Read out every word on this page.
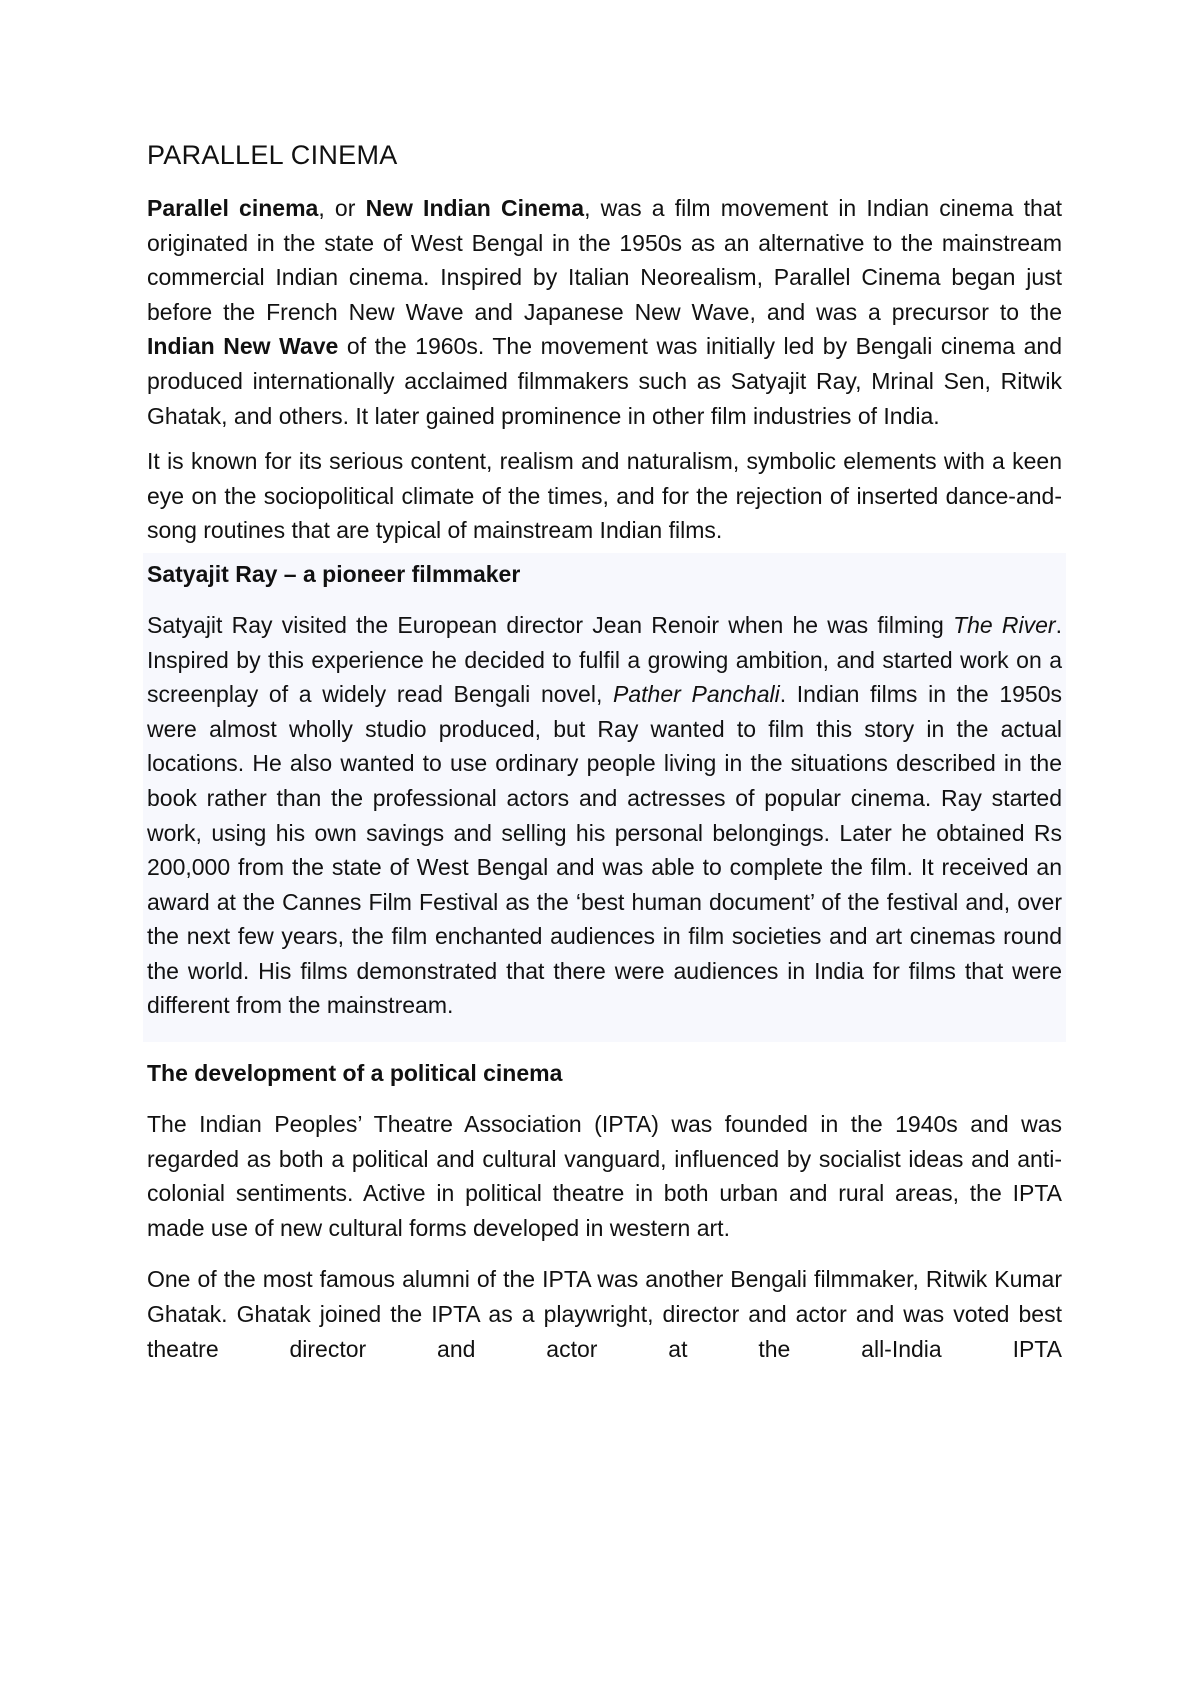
PARALLEL CINEMA

Parallel cinema, or New Indian Cinema, was a film movement in Indian cinema that originated in the state of West Bengal in the 1950s as an alternative to the mainstream commercial Indian cinema. Inspired by Italian Neorealism, Parallel Cinema began just before the French New Wave and Japanese New Wave, and was a precursor to the Indian New Wave of the 1960s. The movement was initially led by Bengali cinema and produced internationally acclaimed filmmakers such as Satyajit Ray, Mrinal Sen, Ritwik Ghatak, and others. It later gained prominence in other film industries of India.

It is known for its serious content, realism and naturalism, symbolic elements with a keen eye on the sociopolitical climate of the times, and for the rejection of inserted dance-and-song routines that are typical of mainstream Indian films.

Satyajit Ray – a pioneer filmmaker

Satyajit Ray visited the European director Jean Renoir when he was filming The River. Inspired by this experience he decided to fulfil a growing ambition, and started work on a screenplay of a widely read Bengali novel, Pather Panchali. Indian films in the 1950s were almost wholly studio produced, but Ray wanted to film this story in the actual locations. He also wanted to use ordinary people living in the situations described in the book rather than the professional actors and actresses of popular cinema. Ray started work, using his own savings and selling his personal belongings. Later he obtained Rs 200,000 from the state of West Bengal and was able to complete the film. It received an award at the Cannes Film Festival as the ‘best human document’ of the festival and, over the next few years, the film enchanted audiences in film societies and art cinemas round the world. His films demonstrated that there were audiences in India for films that were different from the mainstream.

The development of a political cinema

The Indian Peoples’ Theatre Association (IPTA) was founded in the 1940s and was regarded as both a political and cultural vanguard, influenced by socialist ideas and anti-colonial sentiments. Active in political theatre in both urban and rural areas, the IPTA made use of new cultural forms developed in western art.

One of the most famous alumni of the IPTA was another Bengali filmmaker, Ritwik Kumar Ghatak. Ghatak joined the IPTA as a playwright, director and actor and was voted best theatre director and actor at the all-India IPTA
